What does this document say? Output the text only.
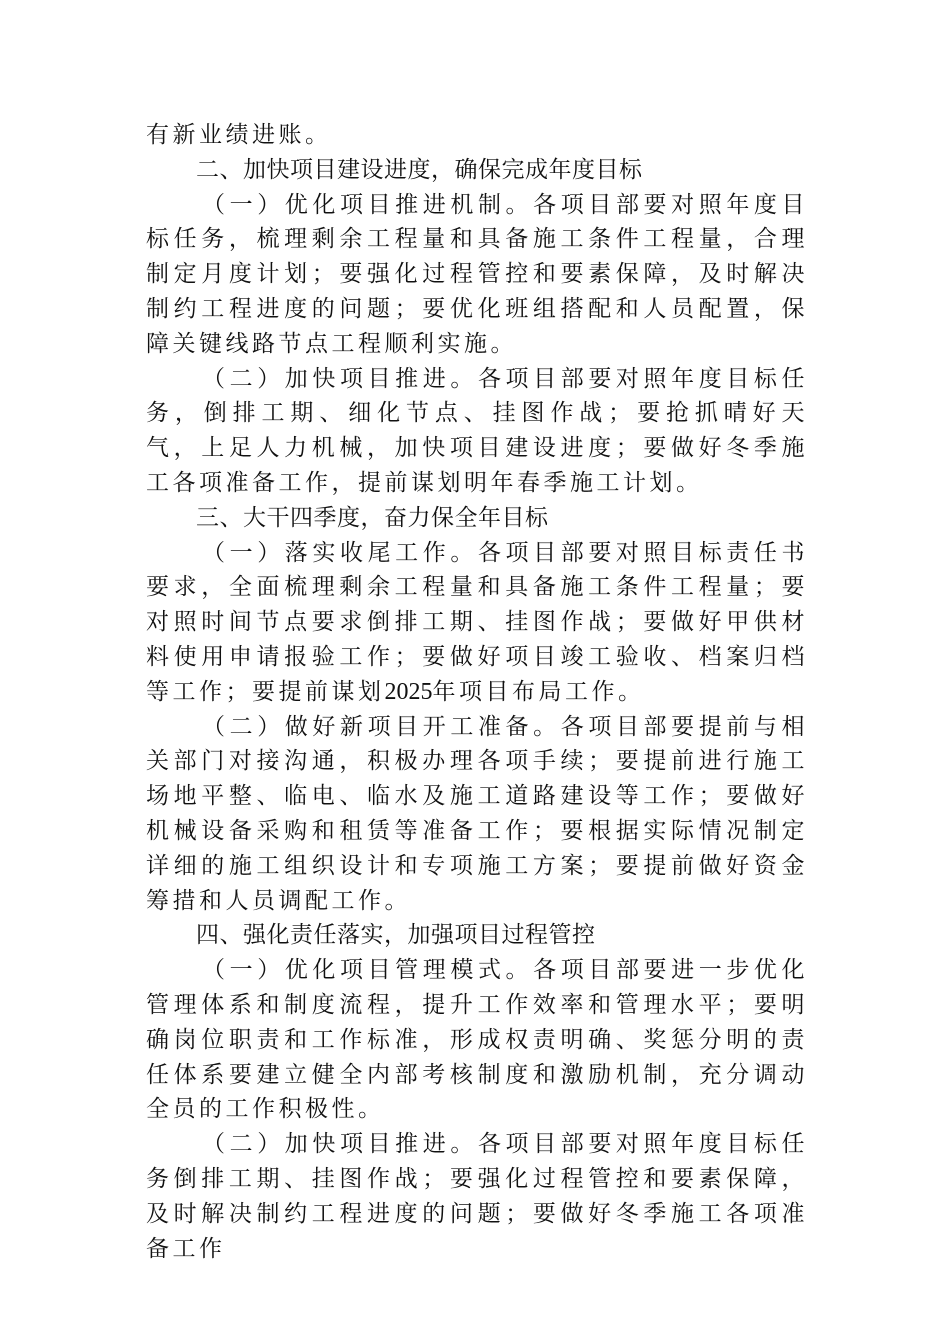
有新业绩进账。

二、加快项目建设进度，确保完成年度目标

（一）优化项目推进机制。各项目部要对照年度目标任务，梳理剩余工程量和具备施工条件工程量，合理制定月度计划；要强化过程管控和要素保障，及时解决制约工程进度的问题；要优化班组搭配和人员配置，保障关键线路节点工程顺利实施。

（二）加快项目推进。各项目部要对照年度目标任务，倒排工期、细化节点、挂图作战；要抢抓晴好天气，上足人力机械，加快项目建设进度；要做好冬季施工各项准备工作，提前谋划明年春季施工计划。

三、大干四季度，奋力保全年目标

（一）落实收尾工作。各项目部要对照目标责任书要求，全面梳理剩余工程量和具备施工条件工程量；要对照时间节点要求倒排工期、挂图作战；要做好甲供材料使用申请报验工作；要做好项目竣工验收、档案归档等工作；要提前谋划2025年项目布局工作。

（二）做好新项目开工准备。各项目部要提前与相关部门对接沟通，积极办理各项手续；要提前进行施工场地平整、临电、临水及施工道路建设等工作；要做好机械设备采购和租赁等准备工作；要根据实际情况制定详细的施工组织设计和专项施工方案；要提前做好资金筹措和人员调配工作。

四、强化责任落实，加强项目过程管控

（一）优化项目管理模式。各项目部要进一步优化管理体系和制度流程，提升工作效率和管理水平；要明确岗位职责和工作标准，形成权责明确、奖惩分明的责任体系要建立健全内部考核制度和激励机制，充分调动全员的工作积极性。

（二）加快项目推进。各项目部要对照年度目标任务倒排工期、挂图作战；要强化过程管控和要素保障，及时解决制约工程进度的问题；要做好冬季施工各项准备工作
